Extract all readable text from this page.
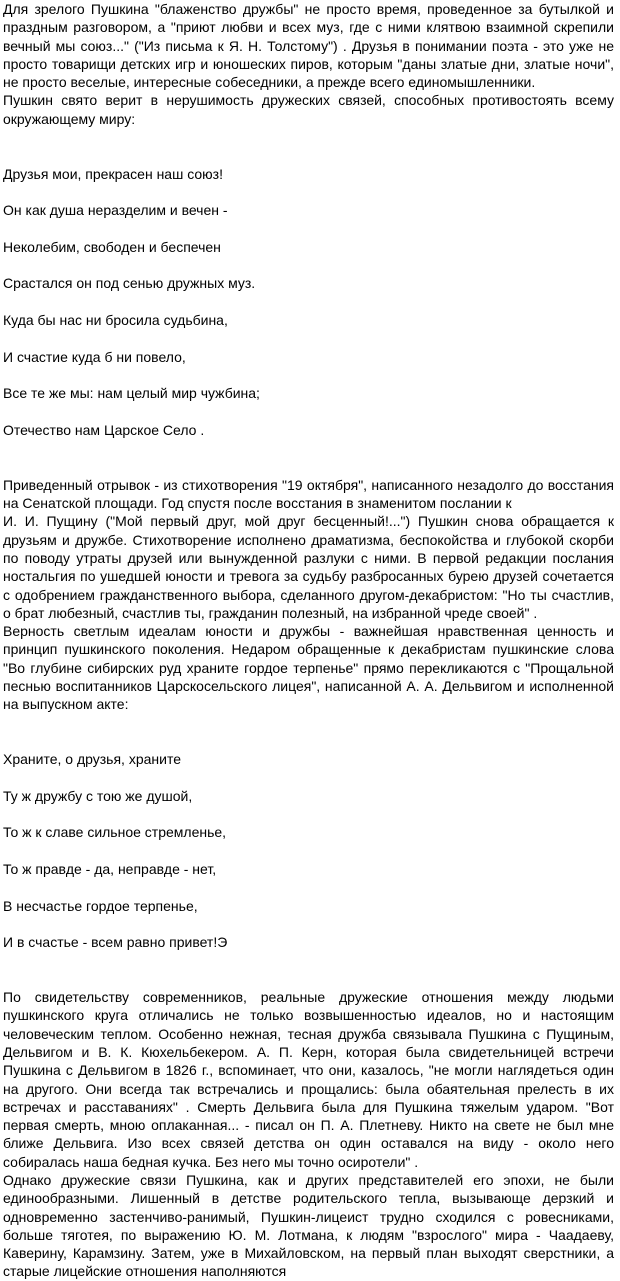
Для зрелого Пушкина "блаженство дружбы" не просто время, проведенное за бутылкой и праздным разговором, а "приют любви и всех муз, где с ними клятвою взаимной скрепили вечный мы союз..." ("Из письма к Я. Н. Толстому") . Друзья в понимании поэта - это уже не просто товарищи детских игр и юношеских пиров, которым "даны златые дни, златые ночи", не просто веселые, интересные собеседники, а прежде всего единомышленники.

Пушкин свято верит в нерушимость дружеских связей, способных противостоять всему окружающему миру:

Друзья мои, прекрасен наш союз!

Он как душа неразделим и вечен -

Неколебим, свободен и беспечен

Срастался он под сенью дружных муз.

Куда бы нас ни бросила судьбина,

И счастие куда б ни повело,

Все те же мы: нам целый мир чужбина;

Отечество нам Царское Село .

Приведенный отрывок - из стихотворения "19 октября", написанного незадолго до восстания на Сенатской площади. Год спустя после восстания в знаменитом послании к

И. И. Пущину ("Мой первый друг, мой друг бесценный!...") Пушкин снова обращается к друзьям и дружбе. Стихотворение исполнено драматизма, беспокойства и глубокой скорби по поводу утраты друзей или вынужденной разлуки с ними. В первой редакции послания ностальгия по ушедшей юности и тревога за судьбу разбросанных бурею друзей сочетается с одобрением гражданственного выбора, сделанного другом-декабристом: "Но ты счастлив, о брат любезный, счастлив ты, гражданин полезный, на избранной чреде своей" .

Верность светлым идеалам юности и дружбы - важнейшая нравственная ценность и принцип пушкинского поколения. Недаром обращенные к декабристам пушкинские слова "Во глубине сибирских руд храните гордое терпенье" прямо перекликаются с "Прощальной песнью воспитанников Царскосельского лицея", написанной А. А. Дельвигом и исполненной на выпускном акте:

Храните, о друзья, храните

Ту ж дружбу с тою же душой,

То ж к славе сильное стремленье,

То ж правде - да, неправде - нет,

В несчастье гордое терпенье,

И в счастье - всем равно привет!Э

По свидетельству современников, реальные дружеские отношения между людьми пушкинского круга отличались не только возвышенностью идеалов, но и настоящим человеческим теплом. Особенно нежная, тесная дружба связывала Пушкина с Пущиным, Дельвигом и В. К. Кюхельбекером. А. П. Керн, которая была свидетельницей встречи Пушкина с Дельвигом в 1826 г., вспоминает, что они, казалось, "не могли наглядеться один на другого. Они всегда так встречались и прощались: была обаятельная прелесть в их встречах и расставаниях" . Смерть Дельвига была для Пушкина тяжелым ударом. "Вот первая смерть, мною оплаканная... - писал он П. А. Плетневу. Никто на свете не был мне ближе Дельвига. Изо всех связей детства он один оставался на виду - около него собиралась наша бедная кучка. Без него мы точно осиротели" .

Однако дружеские связи Пушкина, как и других представителей его эпохи, не были единообразными. Лишенный в детстве родительского тепла, вызывающе дерзкий и одновременно застенчиво-ранимый, Пушкин-лицеист трудно сходился с ровесниками, больше тяготея, по выражению Ю. М. Лотмана, к людям "взрослого" мира - Чаадаеву, Каверину, Карамзину. Затем, уже в Михайловском, на первый план выходят сверстники, а старые лицейские отношения наполняются
